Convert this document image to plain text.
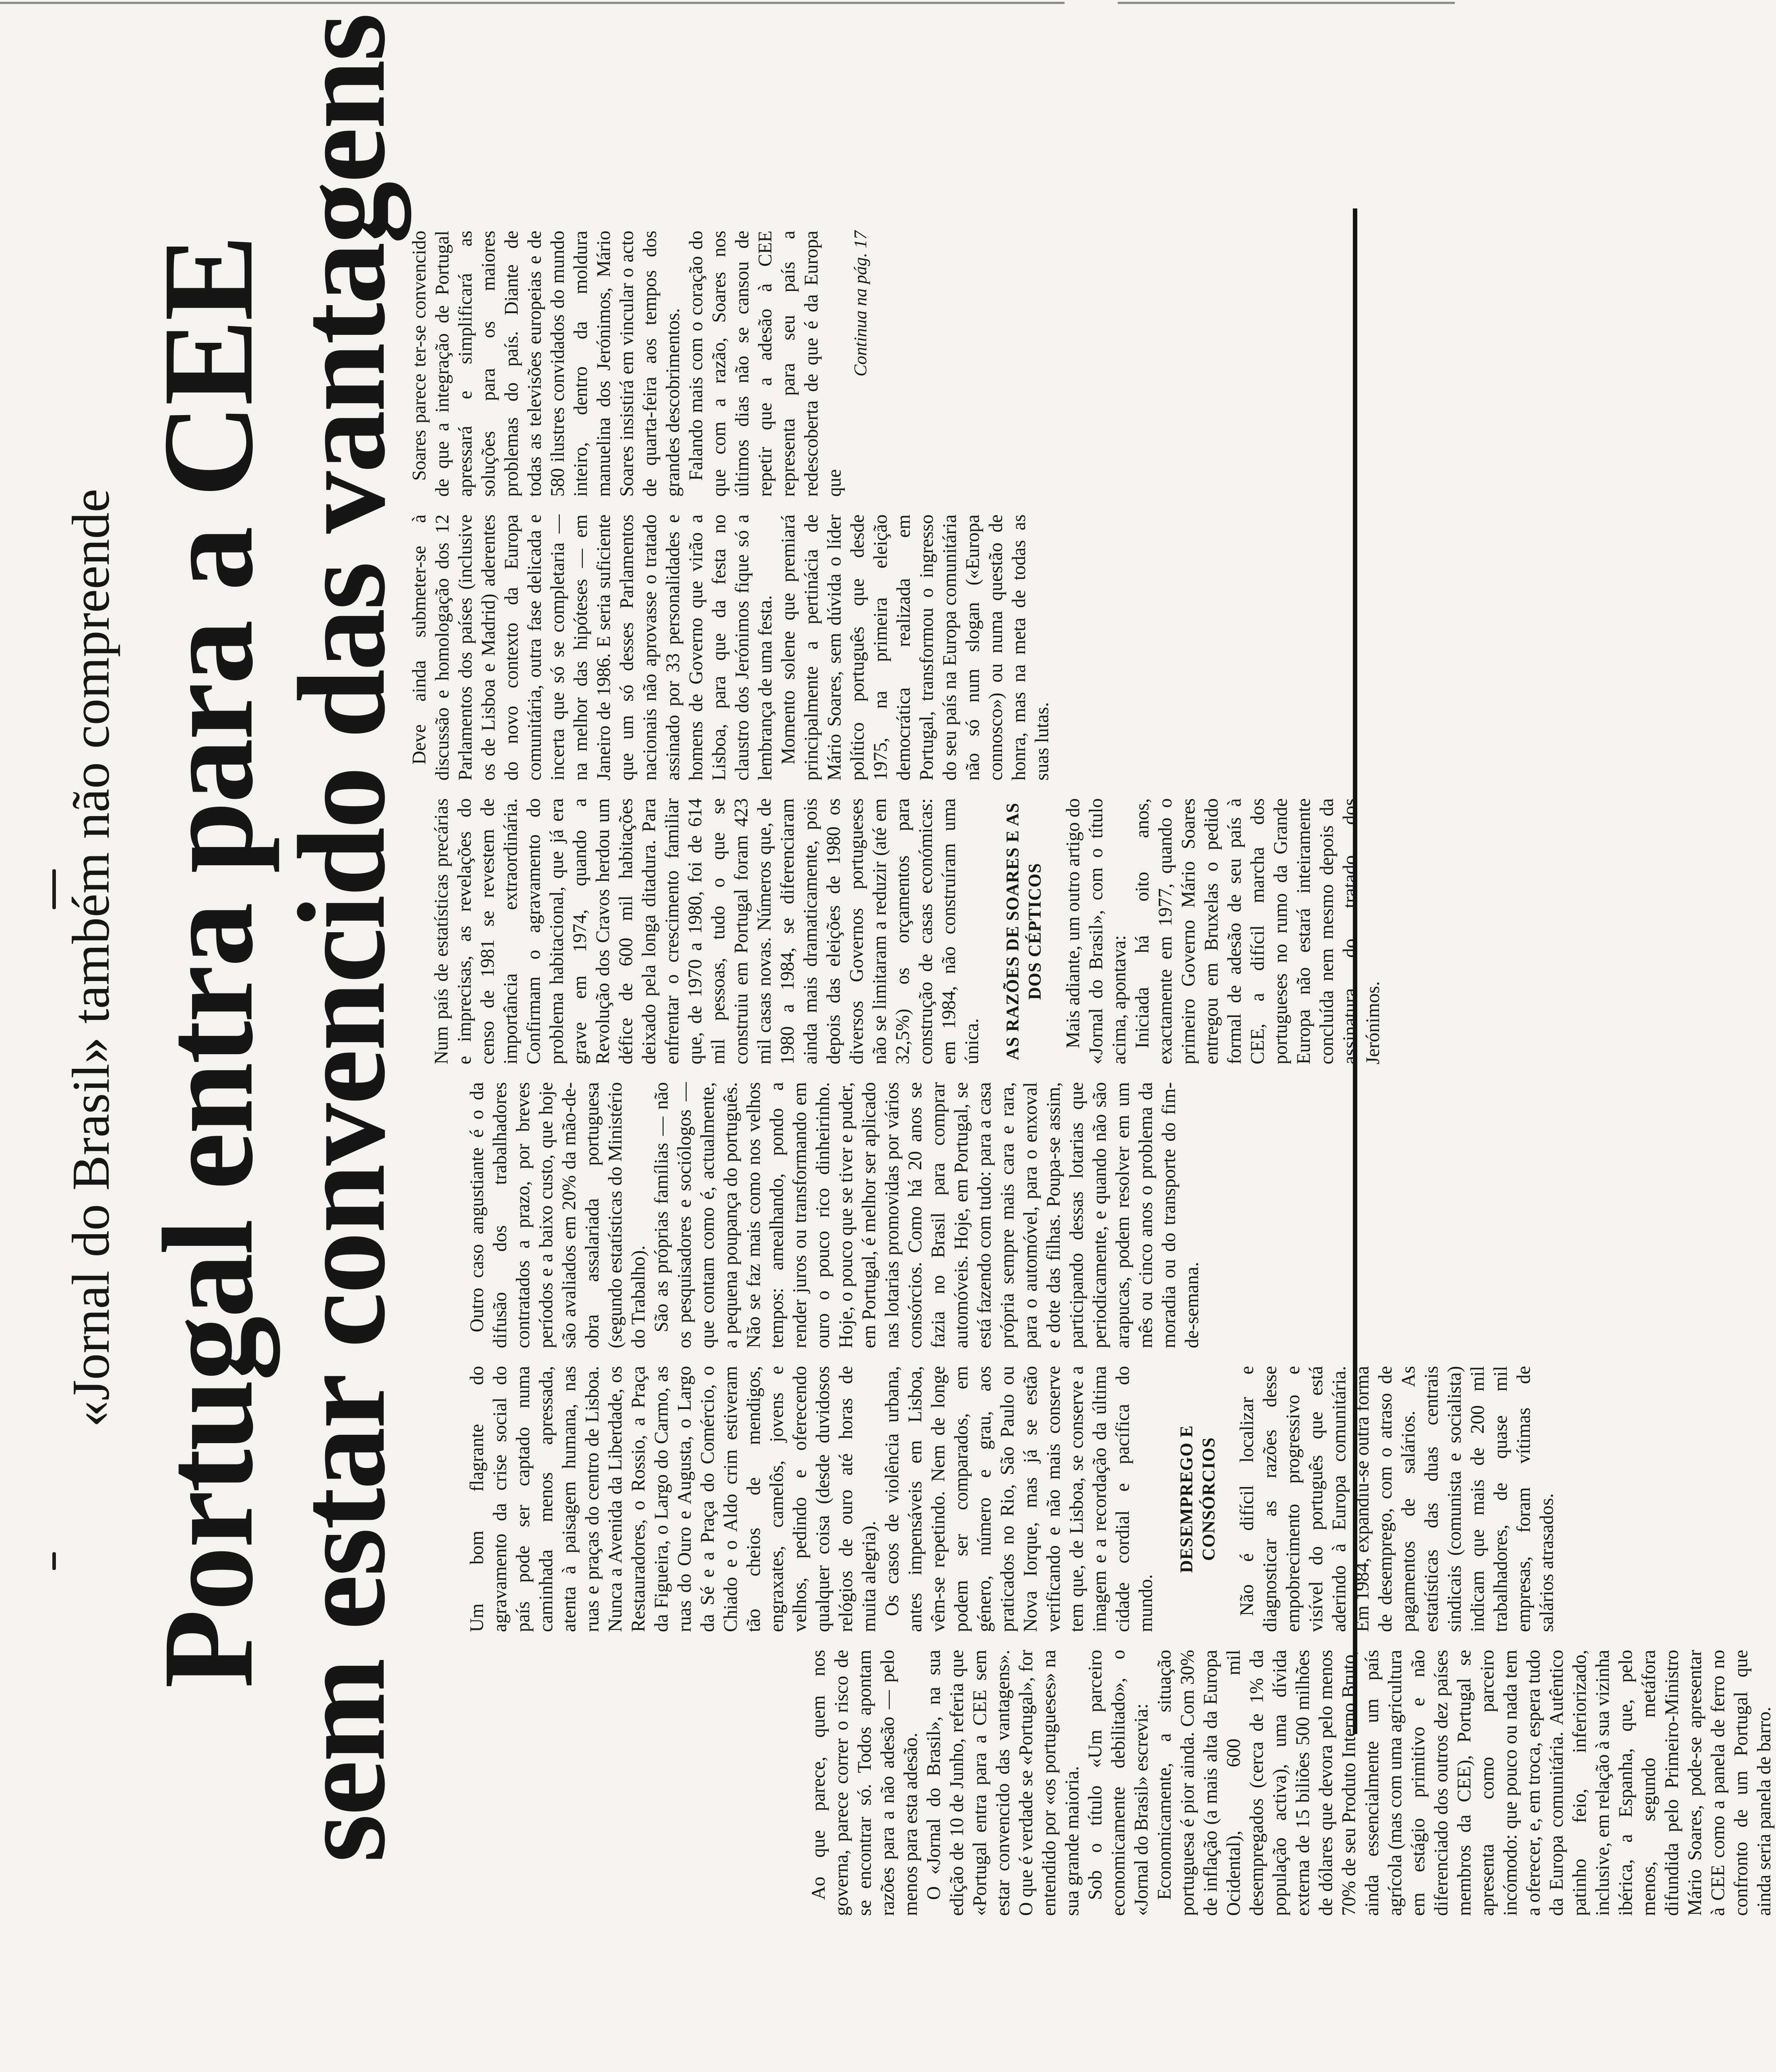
«Jornal do Brasil» também não compreende Portugal entra para a CEE
sem estar convencido das vantagens	Ao que parece, quem nos governa, parece correr o risco de se encontrar só. Todos apontam razões para a não adesão — pelo menos para esta adesão. O «Jornal do Brasil», na sua edição de 10 de Junho, referia que «Portugal entra para a CEE sem estar convencido das vantagens». O que é verdade se «Portugal», for entendido por «os portugueses» na sua grande maioria. Sob o título «Um parceiro economicamente debilitado», o «Jornal do Brasil» escrevia: Economicamente, a situação portuguesa é pior ainda. Com 30% de inflação (a mais alta da Europa Ocidental), 600 mil desempregados (cerca de 1% da população activa), uma dívida externa de 15 biliões 500 milhões de dólares que devora pelo menos 70% de seu Produto Interno Bruto, ainda essencialmente um país agrícola (mas com uma agricultura em estágio primitivo e não diferenciado dos outros dez países membros da CEE), Portugal se apresenta como parceiro incómodo: que pouco ou nada tem a oferecer, e, em troca, espera tudo da Europa comunitária. Autêntico patinho feio, inferiorizado, inclusive, em relação à sua vizinha ibérica, a Espanha, que, pelo menos, segundo metáfora difundida pelo Primeiro-Ministro Mário Soares, pode-se apresentar à CEE como a panela de ferro no confronto de um Portugal que ainda seria panela de barro.

Um bom flagrante do agravamento da crise social do país pode ser captado numa caminhada menos apressada, atenta à paisagem humana, nas ruas e praças do centro de Lisboa. Nunca a Avenida da Liberdade, os Restauradores, o Rossio, a Praça da Figueira, o Largo do Carmo, as ruas do Ouro e Augusta, o Largo da Sé e a Praça do Comércio, o Chiado e o Aldo crim estiveram tão cheios de mendigos, engraxates, camelôs, jovens e velhos, pedindo e oferecendo qualquer coisa (desde duvidosos relógios de ouro até horas de muita alegria). Os casos de violência urbana, antes impensáveis em Lisboa, vêm-se repetindo. Nem de longe podem ser comparados, em género, número e grau, aos praticados no Rio, São Paulo ou Nova Iorque, mas já se estão verificando e não mais conserve tem que, de Lisboa, se conserve a imagem e a recordação da última cidade cordial e pacífica do mundo.

DESEMPREGO E CONSÓRCIOS Não é difícil localizar e diagnosticar as razões desse empobrecimento progressivo e visível do português que está aderindo à Europa comunitária. Em 1984, expandiu-se outra forma de desemprego, com o atraso de pagamentos de salários. As estatísticas das duas centrais sindicais (comunista e socialista) indicam que mais de 200 mil trabalhadores, de quase mil empresas, foram vítimas de salários atrasados.

Outro caso angustiante é o da difusão dos trabalhadores contratados a prazo, por breves períodos e a baixo custo, que hoje são avaliados em 20% da mão-de-obra assalariada portuguesa (segundo estatísticas do Ministério do Trabalho). São as próprias famílias — não os pesquisadores e sociólogos — que contam como é, actualmente, a pequena poupança do português. Não se faz mais como nos velhos tempos: amealhando, pondo a render juros ou transformando em ouro o pouco rico dinheirinho. Hoje, o pouco que se tiver e puder, em Portugal, é melhor ser aplicado nas lotarias promovidas por vários consórcios. Como há 20 anos se fazia no Brasil para comprar automóveis. Hoje, em Portugal, se está fazendo com tudo: para a casa própria sempre mais cara e rara, para o automóvel, para o enxoval e dote das filhas. Poupa-se assim, participando dessas lotarias que periodicamente, e quando não são arapucas, podem resolver em um mês ou cinco anos o problema da moradia ou do transporte do fim-de-semana.

Num país de estatísticas precárias e imprecisas, as revelações do censo de 1981 se revestem de importância extraordinária. Confirmam o agravamento do problema habitacional, que já era grave em 1974, quando a Revolução dos Cravos herdou um défice de 600 mil habitações deixado pela longa ditadura. Para enfrentar o crescimento familiar que, de 1970 a 1980, foi de 614 mil pessoas, tudo o que se construiu em Portugal foram 423 mil casas novas. Números que, de 1980 a 1984, se diferenciaram ainda mais dramaticamente, pois depois das eleições de 1980 os diversos Governos portugueses não se limitaram a reduzir (até em 32,5%) os orçamentos para construção de casas económicas: em 1984, não construíram uma única. AS RAZÕES DE SOARES E AS DOS CÉPTICOS Mais adiante, um outro artigo do «Jornal do Brasil», com o título acima, apontava: Iniciada há oito anos, exactamente em 1977, quando o primeiro Governo Mário Soares entregou em Bruxelas o pedido formal de adesão de seu país à CEE, a difícil marcha dos portugueses no rumo da Grande Europa não estará inteiramente concluída nem mesmo depois da assinatura do tratado dos Jerónimos.

Deve ainda submeter-se à discussão e homologação dos 12 Parlamentos dos países (inclusive os de Lisboa e Madrid) aderentes do novo contexto da Europa comunitária, outra fase delicada e incerta que só se completaria — na melhor das hipóteses — em Janeiro de 1986. E seria suficiente que um só desses Parlamentos nacionais não aprovasse o tratado assinado por 33 personalidades e homens de Governo que virão a Lisboa, para que da festa no claustro dos Jerónimos fique só a lembrança de uma festa. Momento solene que premiará principalmente a pertinácia de Mário Soares, sem dúvida o líder político português que desde 1975, na primeira eleição democrática realizada em Portugal, transformou o ingresso do seu país na Europa comunitária não só num slogan («Europa connosco») ou numa questão de honra, mas na meta de todas as suas lutas.

Soares parece ter-se convencido de que a integração de Portugal apressará e simplificará as soluções para os maiores problemas do país. Diante de todas as televisões europeias e de 580 ilustres convidados do mundo inteiro, dentro da moldura manuelina dos Jerónimos, Mário Soares insistirá em vincular o acto de quarta-feira aos tempos dos grandes descobrimentos. Falando mais com o coração do que com a razão, Soares nos últimos dias não se cansou de repetir que a adesão à CEE representa para seu país a redescoberta de que é da Europa que

Continua na pág. 17
